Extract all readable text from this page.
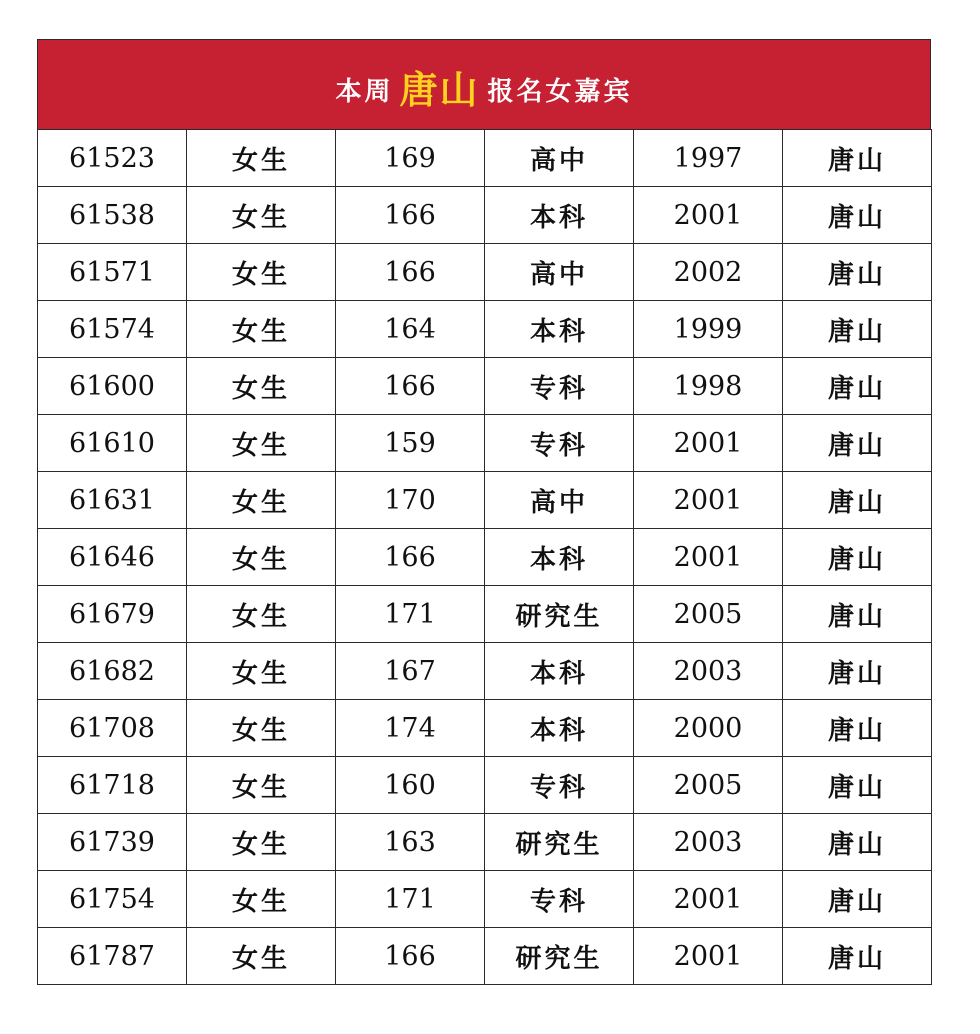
本周 唐山 报名女嘉宾
61523	女生	169	高中	1997	唐山
61538	女生	166	本科	2001	唐山
61571	女生	166	高中	2002	唐山
61574	女生	164	本科	1999	唐山
61600	女生	166	专科	1998	唐山
61610	女生	159	专科	2001	唐山
61631	女生	170	高中	2001	唐山
61646	女生	166	本科	2001	唐山
61679	女生	171	研究生	2005	唐山
61682	女生	167	本科	2003	唐山
61708	女生	174	本科	2000	唐山
61718	女生	160	专科	2005	唐山
61739	女生	163	研究生	2003	唐山
61754	女生	171	专科	2001	唐山
61787	女生	166	研究生	2001	唐山
